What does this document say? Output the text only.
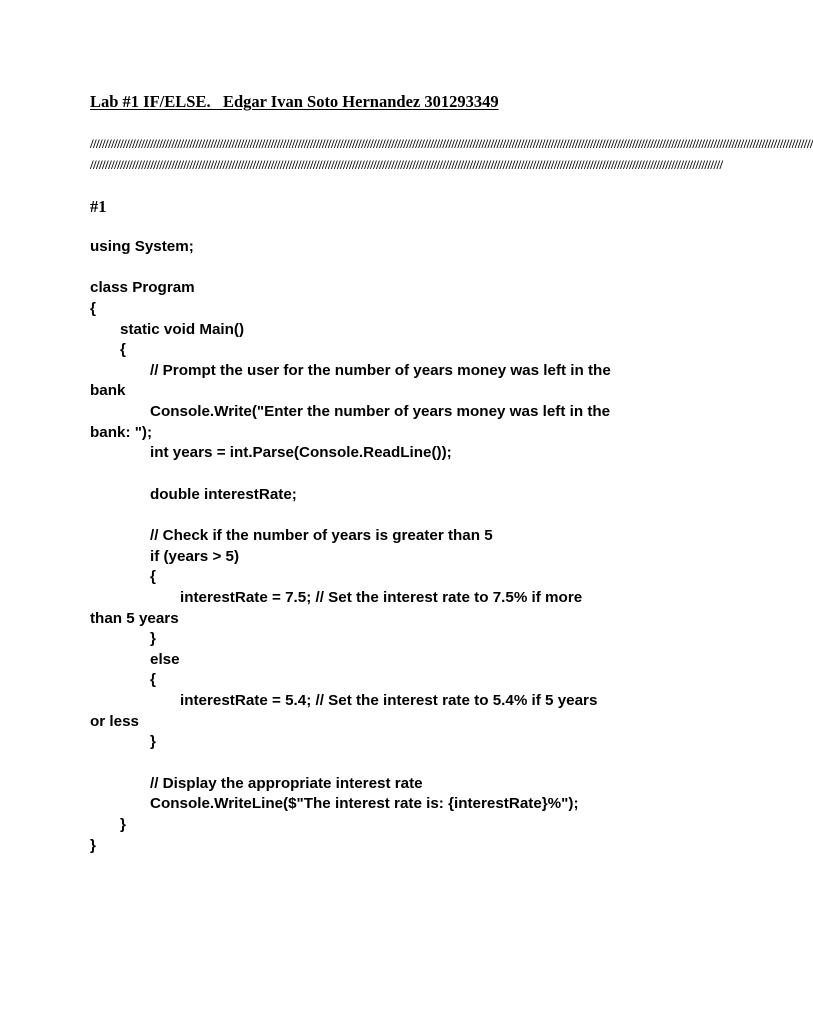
Lab #1 IF/ELSE.   Edgar Ivan Soto Hernandez 301293349

////////////////////////////////////////////////////////////////////////////////////////////////////////////////////////////////////////////////////////////////////////////////////////////////////////////////////////////////////////////////

//////////////////////////////////////////////////////////////////////////////////////////////////////////////////////////////////////////////////////////////////////////////////////////////////////////////////

#1

using System;
class Program
{
static void Main()
{
// Prompt the user for the number of years money was left in the
bank
Console.Write("Enter the number of years money was left in the
bank: ");
int years = int.Parse(Console.ReadLine());
double interestRate;
// Check if the number of years is greater than 5
if (years > 5)
{
interestRate = 7.5; // Set the interest rate to 7.5% if more
than 5 years
}
else
{
interestRate = 5.4; // Set the interest rate to 5.4% if 5 years
or less
}
// Display the appropriate interest rate
Console.WriteLine($"The interest rate is: {interestRate}%");
}
}
